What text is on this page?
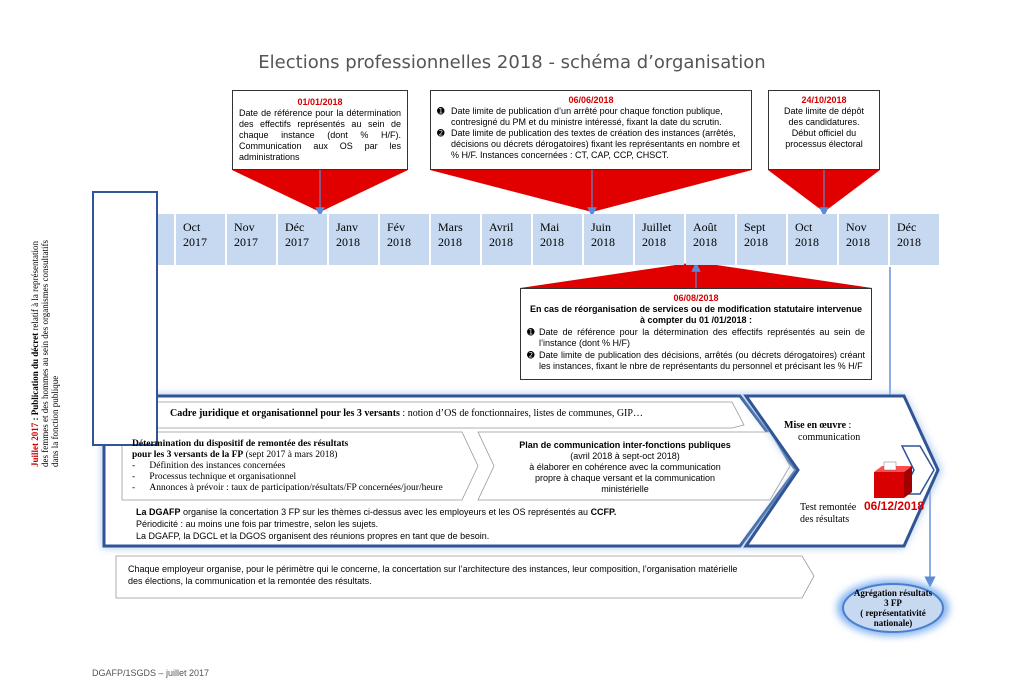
Elections professionnelles 2018 - schéma d’organisation
01/01/2018
Date de référence pour la détermination des effectifs représentés au sein de chaque instance (dont % H/F). Communication aux OS par les administrations
06/06/2018
➊ Date limite de publication d’un arrêté pour chaque fonction publique, contresigné du PM et du ministre intéressé, fixant la date du scrutin.
➋ Date limite de publication des textes de création des instances (arrêtés, décisions ou décrets dérogatoires) fixant les représentants en nombre et % H/F. Instances concernées : CT, CAP, CCP, CHSCT.
24/10/2018
Date limite de dépôt
des candidatures.
Début officiel du
processus électoral
Oct
2017
Nov
2017
Déc
2017
Janv
2018
Fév
2018
Mars
2018
Avril
2018
Mai
2018
Juin
2018
Juillet
2018
Août
2018
Sept
2018
Oct
2018
Nov
2018
Déc
2018
Juillet 2017 : Publication du décret relatif à la représentation des femmes et des hommes au sein des organismes consultatifs dans la fonction publique
06/08/2018
En cas de réorganisation de services ou de modification statutaire intervenue à compter du 01 /01/2018 :
➊ Date de référence pour la détermination des effectifs représentés au sein de l’instance (dont % H/F)
➋ Date limite de publication des décisions, arrêtés (ou décrets dérogatoires) créant les instances, fixant le nbre de représentants du personnel et précisant les % H/F
Cadre juridique et organisationnel pour les 3 versants : notion d’OS de fonctionnaires, listes de communes, GIP…
Détermination du dispositif de remontée des résultats
pour les 3 versants de la FP (sept 2017 à mars 2018)
-      Définition des instances concernées
-      Processus technique et organisationnel
-      Annonces à prévoir : taux de participation/résultats/FP concernées/jour/heure
Plan de communication inter-fonctions publiques
(avril 2018 à sept-oct 2018)
à élaborer en cohérence avec la communication
propre à chaque versant et la communication
ministérielle
La DGAFP organise la concertation 3 FP sur les thèmes ci-dessus avec les employeurs et les OS représentés au CCFP.
Périodicité : au moins une fois par trimestre, selon les sujets.
La DGAFP, la DGCL et la DGOS organisent des réunions propres en tant que de besoin.
Mise en œuvre :
communication
Test remontée
des résultats
06/12/2018
Chaque employeur organise, pour le périmètre qui le concerne, la concertation sur l’architecture des instances, leur composition, l’organisation matérielle
des élections, la communication et la remontée des résultats.
Agrégation résultats
3 FP
( représentativité
nationale)
DGAFP/1SGDS – juillet 2017
